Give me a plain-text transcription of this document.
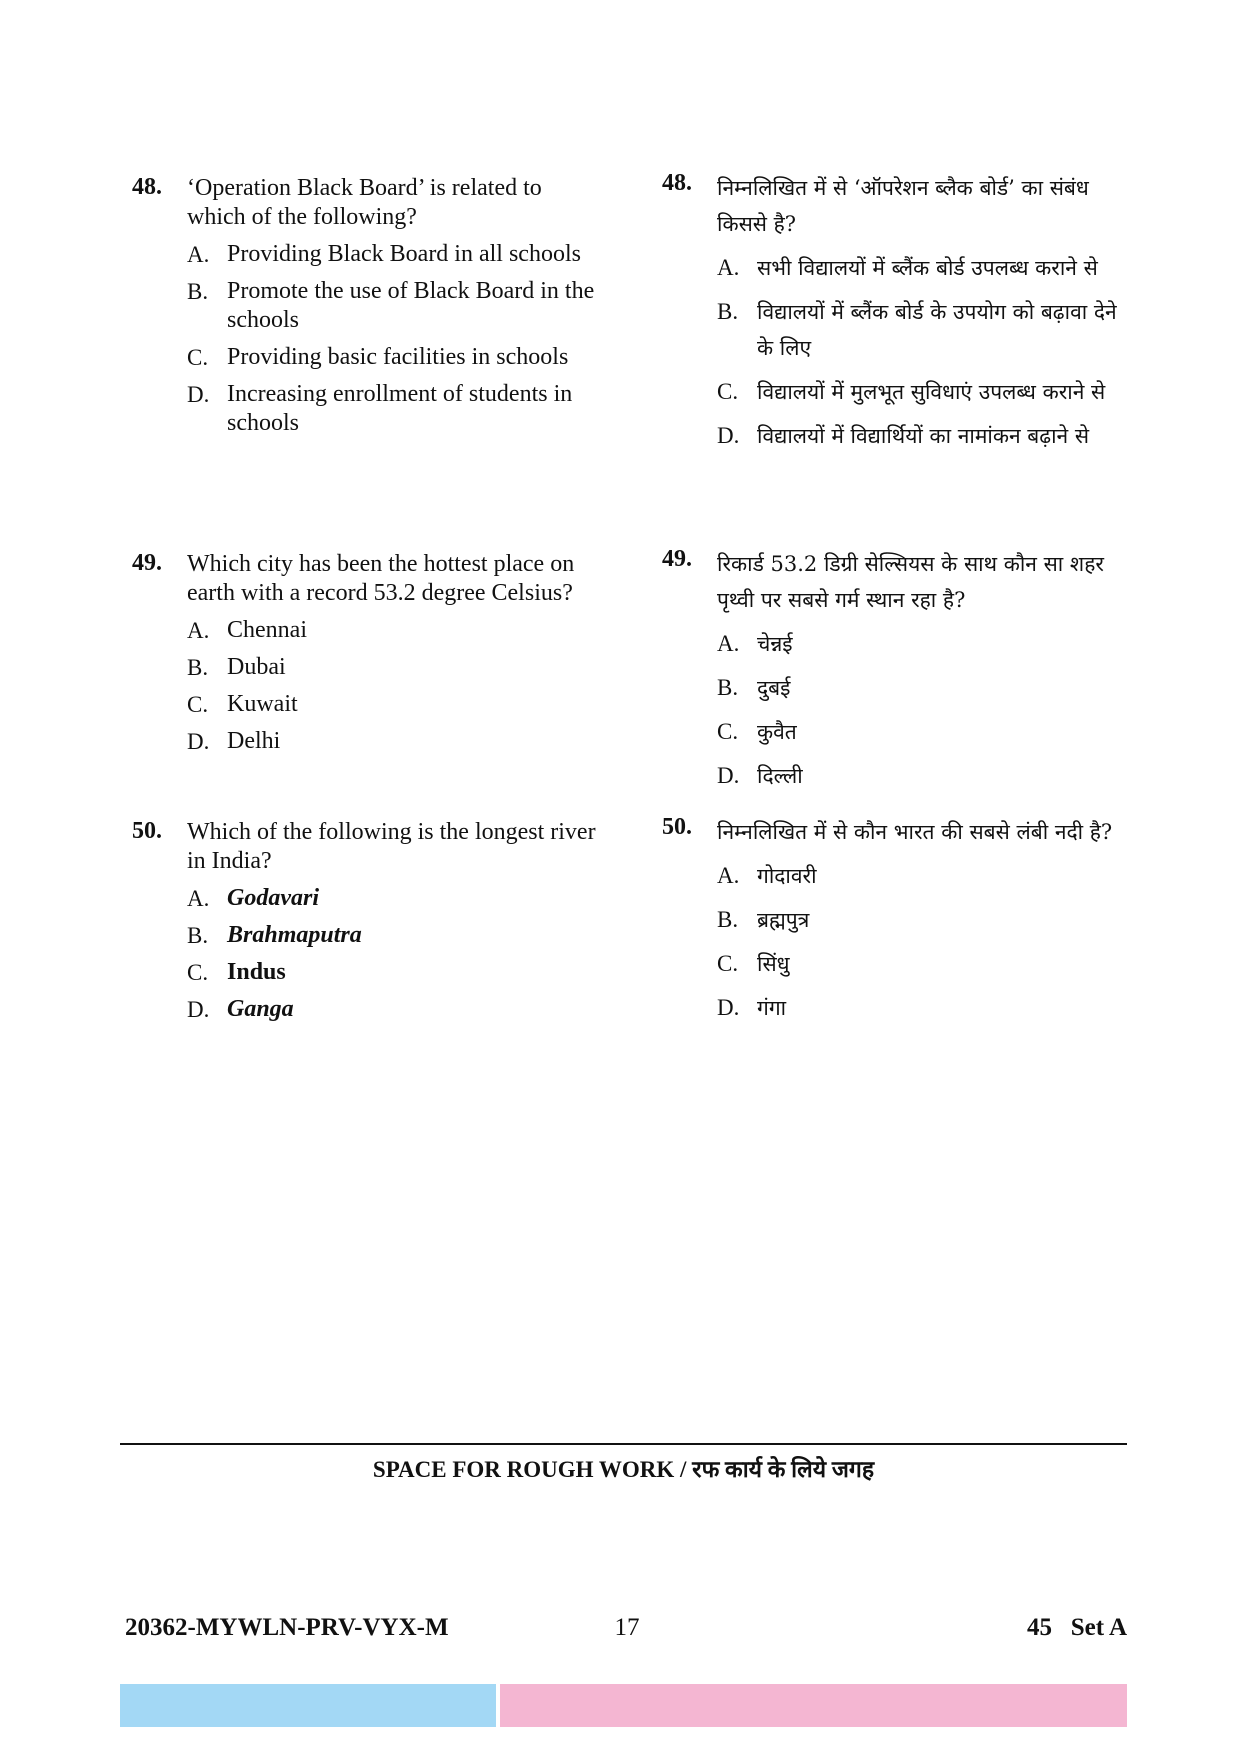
48. ‘Operation Black Board’ is related to which of the following?
A. Providing Black Board in all schools
B. Promote the use of Black Board in the schools
C. Providing basic facilities in schools
D. Increasing enrollment of students in schools
49. Which city has been the hottest place on earth with a record 53.2 degree Celsius?
A. Chennai
B. Dubai
C. Kuwait
D. Delhi
50. Which of the following is the longest river in India?
A. Godavari
B. Brahmaputra
C. Indus
D. Ganga
48. निम्नलिखित में से ‘ऑपरेशन ब्लैक बोर्ड’ का संबंध किससे है?
A. सभी विद्यालयों में ब्लैंक बोर्ड उपलब्ध कराने से
B. विद्यालयों में ब्लैंक बोर्ड के उपयोग को बढ़ावा देने के लिए
C. विद्यालयों में मुलभूत सुविधाएं उपलब्ध कराने से
D. विद्यालयों में विद्यार्थियों का नामांकन बढ़ाने से
49. रिकार्ड 53.2 डिग्री सेल्सियस के साथ कौन सा शहर पृथ्वी पर सबसे गर्म स्थान रहा है?
A. चेन्नई
B. दुबई
C. कुवैत
D. दिल्ली
50. निम्नलिखित में से कौन भारत की सबसे लंबी नदी है?
A. गोदावरी
B. ब्रह्मपुत्र
C. सिंधु
D. गंगा
SPACE FOR ROUGH WORK / रफ कार्य के लिये जगह
20362-MYWLN-PRV-VYX-M	17	45   Set A
